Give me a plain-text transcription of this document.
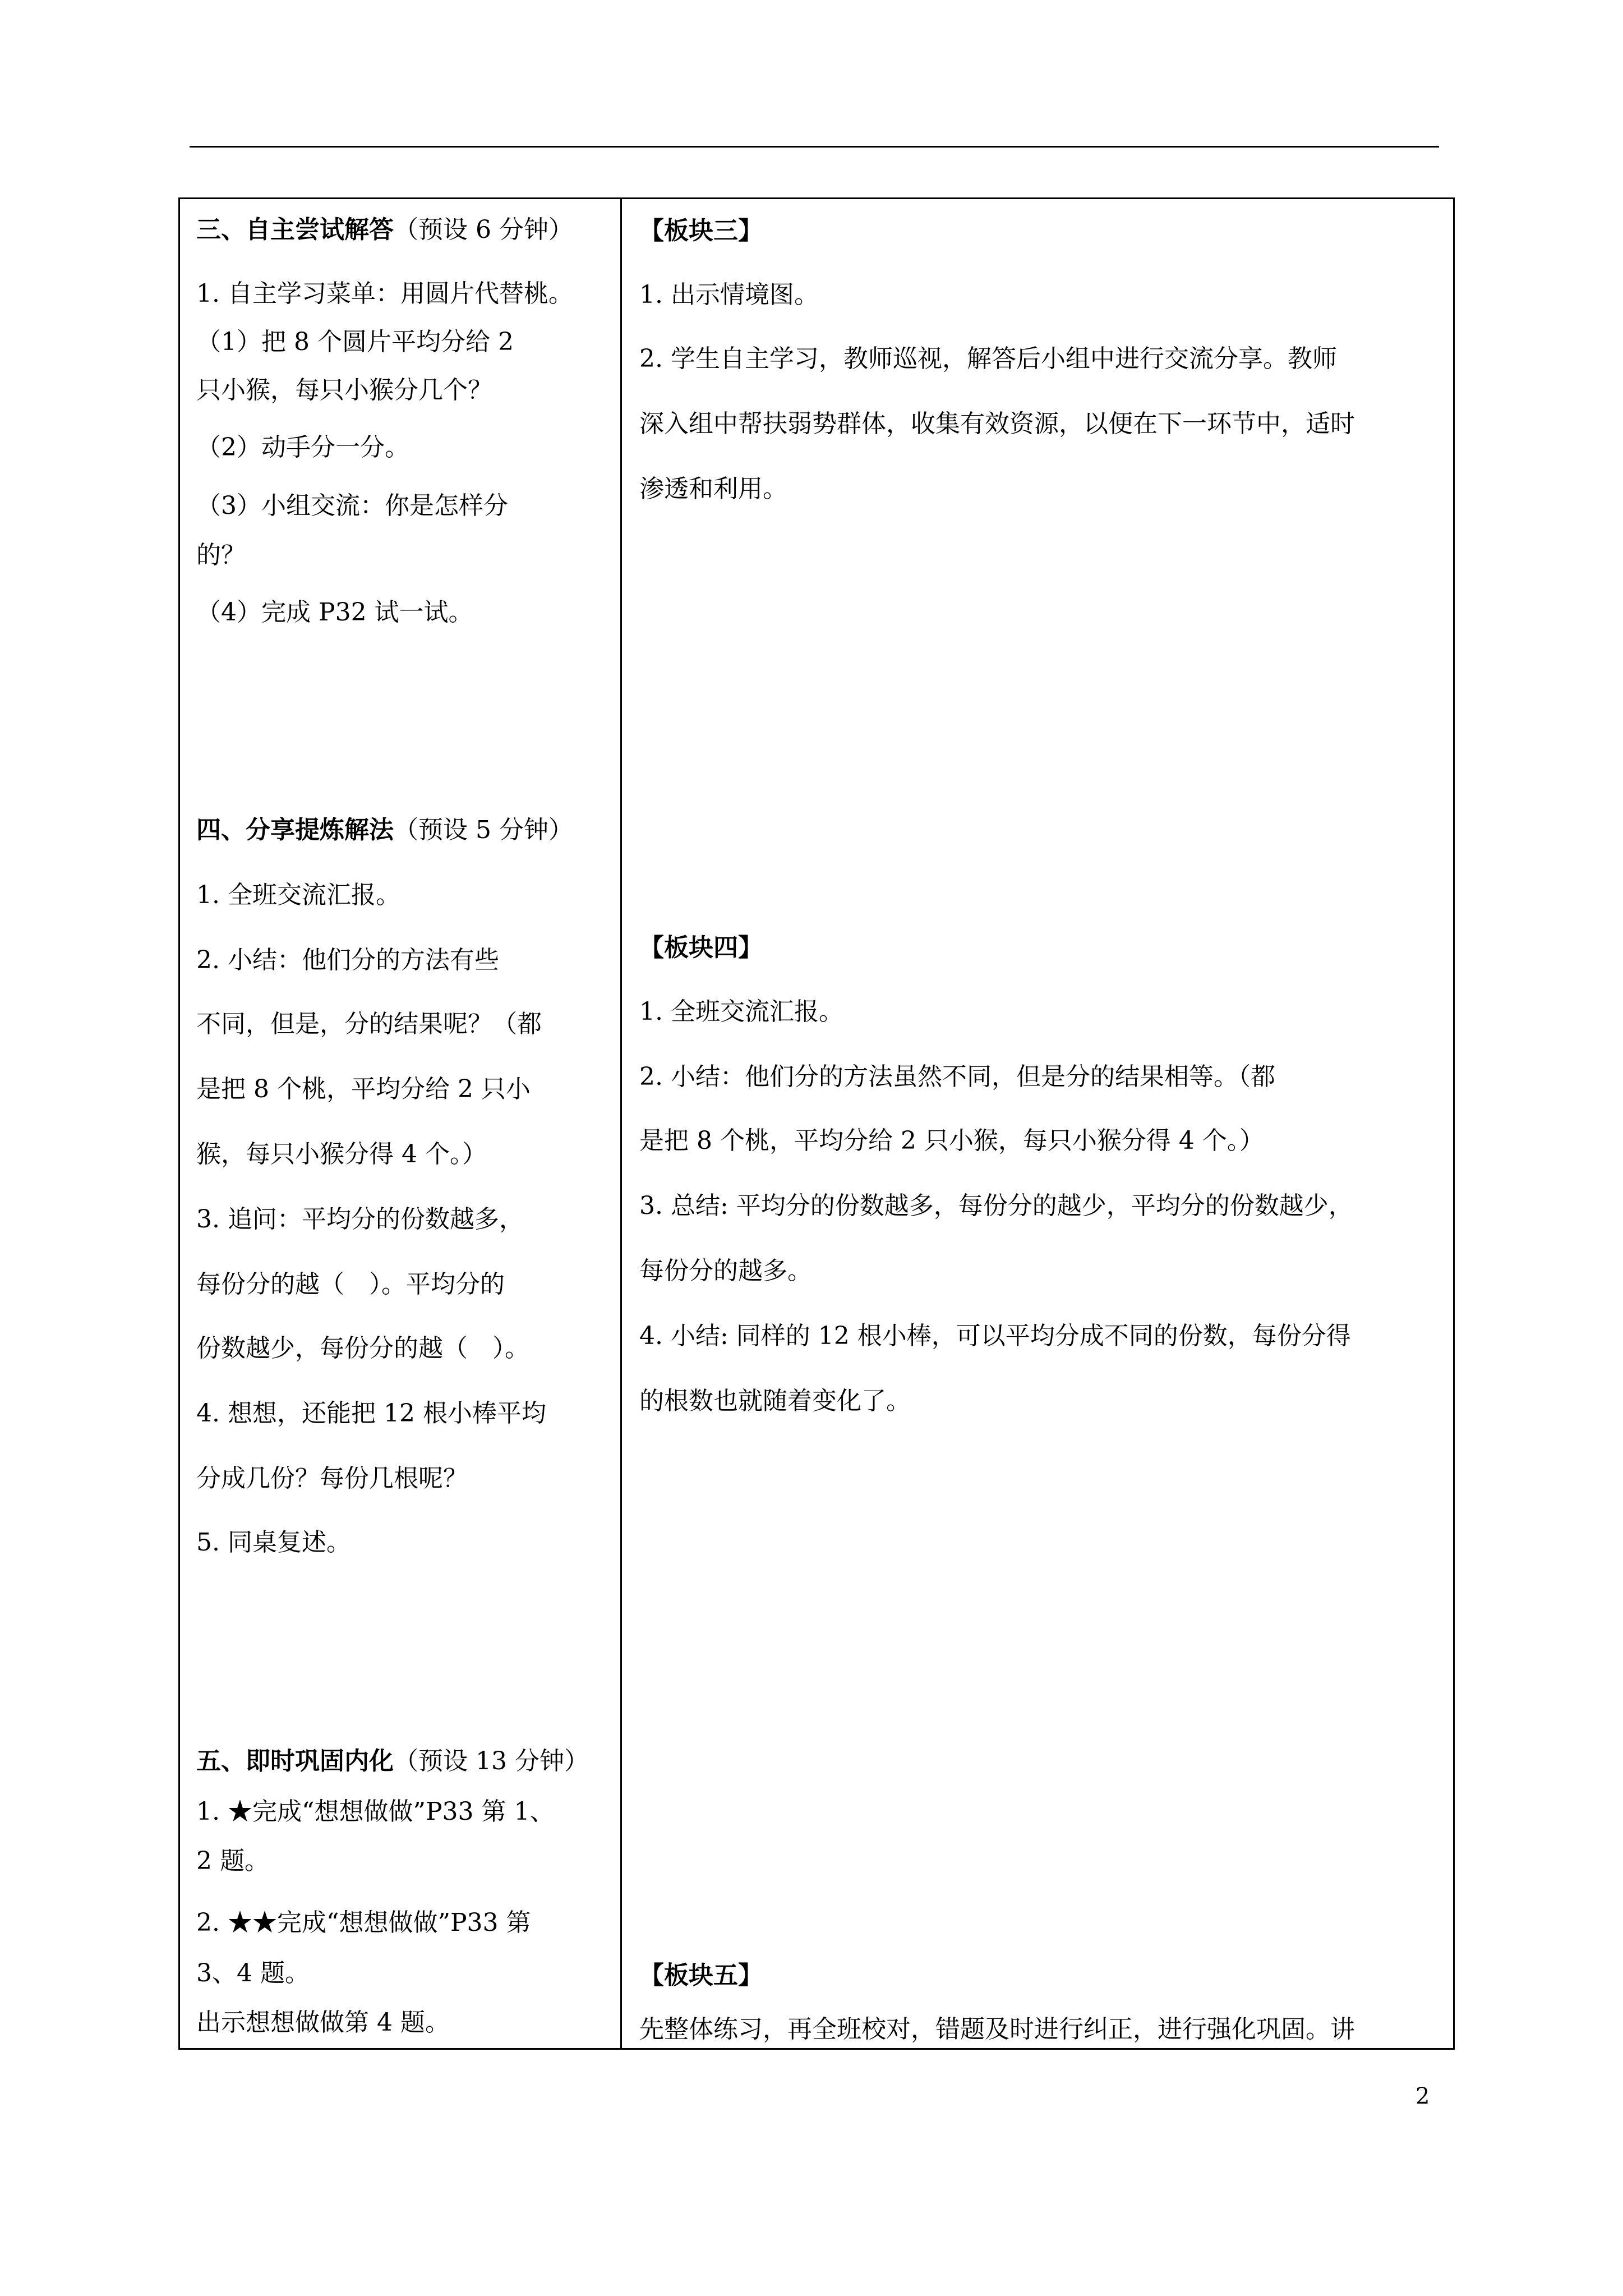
三、自主尝试解答（预设 6 分钟）

1. 自主学习菜单：用圆片代替桃。

（1）把 8 个圆片平均分给 2

只小猴，每只小猴分几个？

（2）动手分一分。

（3）小组交流：你是怎样分

的？

（4）完成 P32 试一试。

四、分享提炼解法（预设 5 分钟）

1. 全班交流汇报。

2. 小结：他们分的方法有些

不同，但是，分的结果呢？（都

是把 8 个桃，平均分给 2 只小

猴，每只小猴分得 4 个。）

3. 追问：平均分的份数越多，

每份分的越（　）。平均分的

份数越少，每份分的越（　）。

4. 想想，还能把 12 根小棒平均

分成几份？每份几根呢？

5. 同桌复述。

五、即时巩固内化（预设 13 分钟）

1. ★完成“想想做做”P33 第 1、

2 题。

2. ★★完成“想想做做”P33 第

3、4 题。

出示想想做做第 4 题。

【板块三】

1. 出示情境图。

2. 学生自主学习，教师巡视，解答后小组中进行交流分享。教师

深入组中帮扶弱势群体，收集有效资源，以便在下一环节中，适时

渗透和利用。

【板块四】

1. 全班交流汇报。

2. 小结：他们分的方法虽然不同，但是分的结果相等。（都

是把 8 个桃，平均分给 2 只小猴，每只小猴分得 4 个。）

3. 总结: 平均分的份数越多，每份分的越少，平均分的份数越少，

每份分的越多。

4. 小结: 同样的 12 根小棒，可以平均分成不同的份数，每份分得

的根数也就随着变化了。

【板块五】

先整体练习，再全班校对，错题及时进行纠正，进行强化巩固。讲

2
